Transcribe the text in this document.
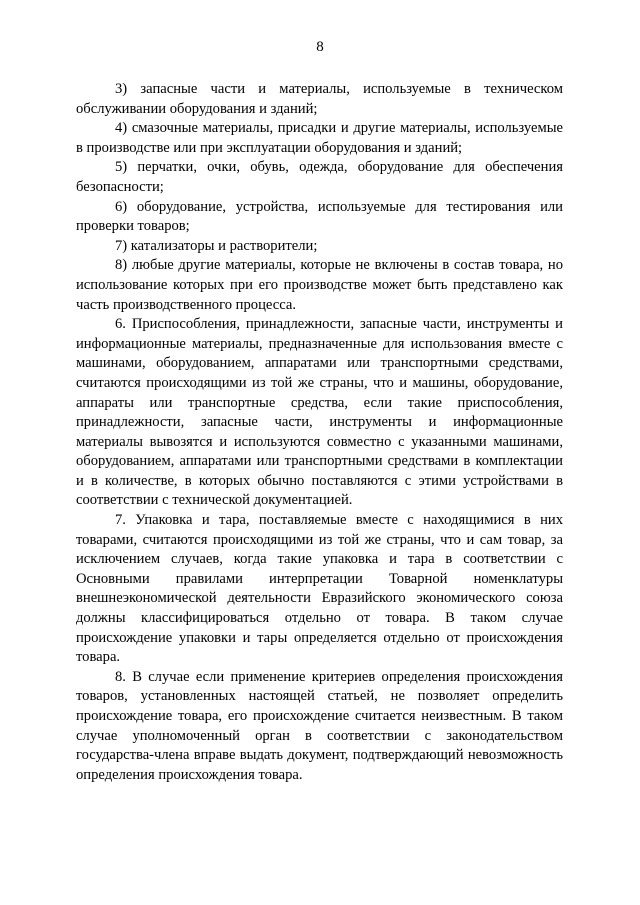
8

3) запасные части и материалы, используемые в техническом обслуживании оборудования и зданий;

4) смазочные материалы, присадки и другие материалы, используемые в производстве или при эксплуатации оборудования и зданий;

5) перчатки, очки, обувь, одежда, оборудование для обеспечения безопасности;

6) оборудование, устройства, используемые для тестирования или проверки товаров;

7) катализаторы и растворители;

8) любые другие материалы, которые не включены в состав товара, но использование которых при его производстве может быть представлено как часть производственного процесса.

6. Приспособления, принадлежности, запасные части, инструменты и информационные материалы, предназначенные для использования вместе с машинами, оборудованием, аппаратами или транспортными средствами, считаются происходящими из той же страны, что и машины, оборудование, аппараты или транспортные средства, если такие приспособления, принадлежности, запасные части, инструменты и информационные материалы вывозятся и используются совместно с указанными машинами, оборудованием, аппаратами или транспортными средствами в комплектации и в количестве, в которых обычно поставляются с этими устройствами в соответствии с технической документацией.

7. Упаковка и тара, поставляемые вместе с находящимися в них товарами, считаются происходящими из той же страны, что и сам товар, за исключением случаев, когда такие упаковка и тара в соответствии с Основными правилами интерпретации Товарной номенклатуры внешнеэкономической деятельности Евразийского экономического союза должны классифицироваться отдельно от товара. В таком случае происхождение упаковки и тары определяется отдельно от происхождения товара.

8. В случае если применение критериев определения происхождения товаров, установленных настоящей статьей, не позволяет определить происхождение товара, его происхождение считается неизвестным. В таком случае уполномоченный орган в соответствии с законодательством государства-члена вправе выдать документ, подтверждающий невозможность определения происхождения товара.
